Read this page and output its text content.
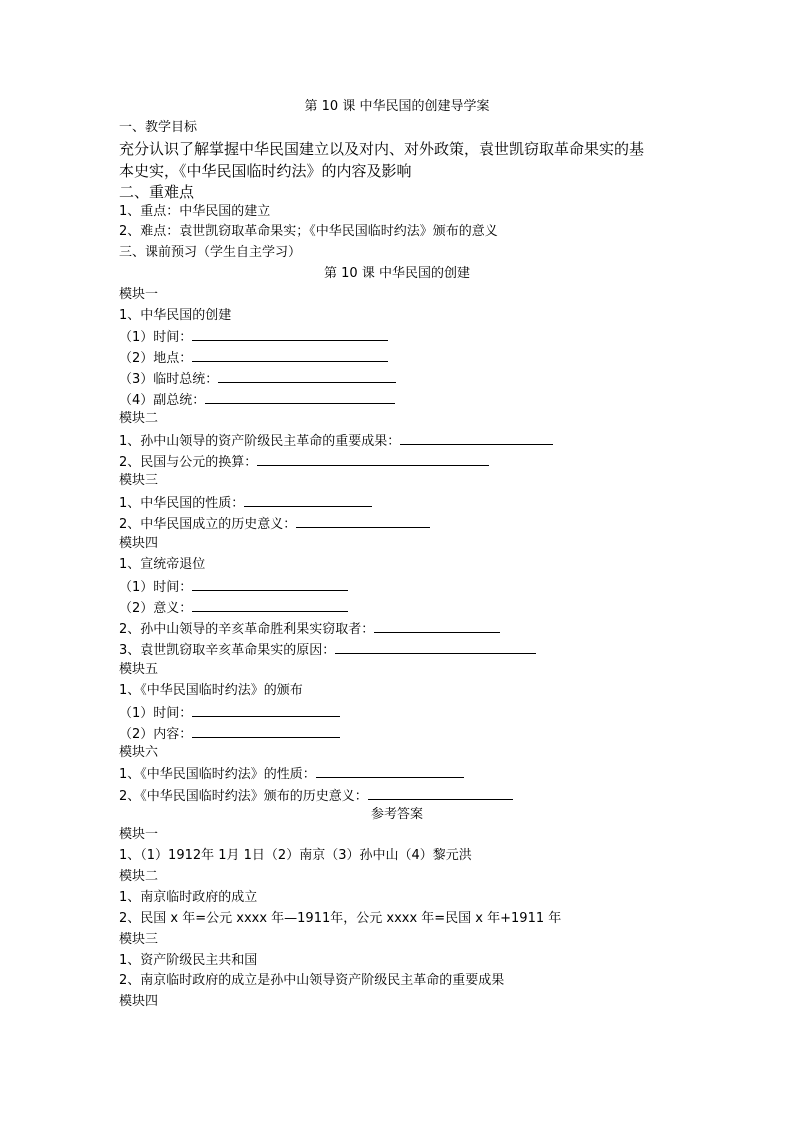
第 10 课 中华民国的创建导学案
一、教学目标
充分认识了解掌握中华民国建立以及对内、对外政策，袁世凯窃取革命果实的基
本史实，《中华民国临时约法》的内容及影响
二、重难点
1、重点：中华民国的建立
2、难点：袁世凯窃取革命果实；《中华民国临时约法》颁布的意义
三、课前预习（学生自主学习）
第 10 课 中华民国的创建
模块一
1、中华民国的创建
（1）时间：
（2）地点：
（3）临时总统：
（4）副总统：
模块二
1、孙中山领导的资产阶级民主革命的重要成果：
2、民国与公元的换算：
模块三
1、中华民国的性质：
2、中华民国成立的历史意义：
模块四
1、宣统帝退位
（1）时间：
（2）意义：
2、孙中山领导的辛亥革命胜利果实窃取者：
3、袁世凯窃取辛亥革命果实的原因：
模块五
1、《中华民国临时约法》的颁布
（1）时间：
（2）内容：
模块六
1、《中华民国临时约法》的性质：
2、《中华民国临时约法》颁布的历史意义：
参考答案
模块一
1、（1）1912年 1月 1日（2）南京（3）孙中山（4）黎元洪
模块二
1、南京临时政府的成立
2、民国 x 年=公元 xxxx 年—1911年，公元 xxxx 年=民国 x 年+1911 年
模块三
1、资产阶级民主共和国
2、南京临时政府的成立是孙中山领导资产阶级民主革命的重要成果
模块四
